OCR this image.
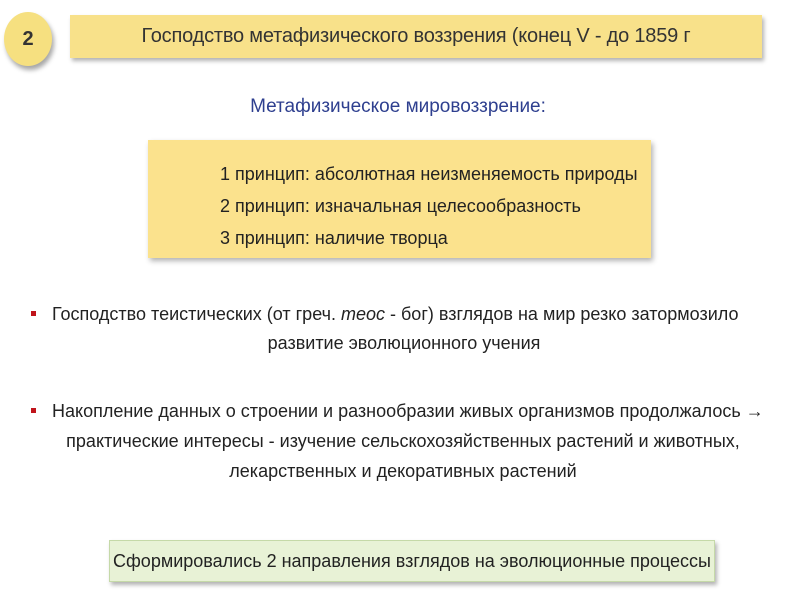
2	Господство метафизического воззрения (конец V - до 1859 г
Метафизическое мировоззрение:
1 принцип: абсолютная неизменяемость природы
2 принцип: изначальная целесообразность
3 принцип: наличие творца
Господство теистических (от греч. теос - бог) взглядов на мир резко затормозило
развитие эволюционного учения
Накопление данных о строении и разнообразии живых организмов продолжалось →
практические интересы - изучение сельскохозяйственных растений и животных,
лекарственных и декоративных растений
Сформировались 2 направления взглядов на эволюционные процессы
